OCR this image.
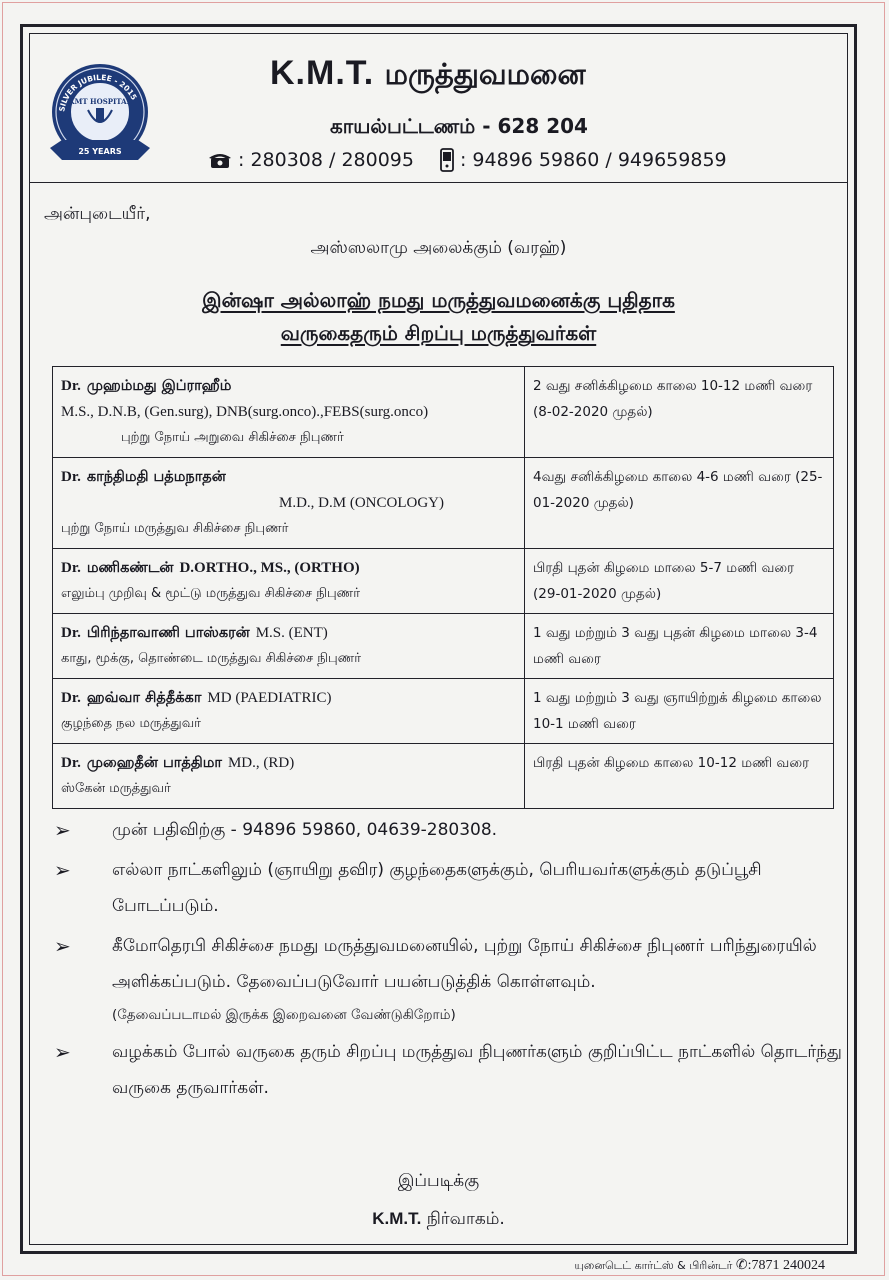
SILVER JUBILEE - 2015
KMT HOSPITAL
25 YEARS
K.M.T. மருத்துவமனை
காயல்பட்டணம் - 628 204
: 280308 / 280095 : 94896 59860 / 949659859
அன்புடையீர்,
அஸ்ஸலாமு அலைக்கும் (வரஹ்)
இன்ஷா அல்லாஹ் நமது மருத்துவமனைக்கு புதிதாக
வருகைதரும் சிறப்பு மருத்துவர்கள்
Dr. முஹம்மது இப்ராஹீம்
M.S., D.N.B, (Gen.surg), DNB(surg.onco).,FEBS(surg.onco)
புற்று நோய் அறுவை சிகிச்சை நிபுணர்	2 வது சனிக்கிழமை காலை 10-12 மணி வரை (8-02-2020 முதல்)

Dr. காந்திமதி பத்மநாதன்
M.D., D.M (ONCOLOGY)
புற்று நோய் மருத்துவ சிகிச்சை நிபுணர்	4வது சனிக்கிழமை காலை 4-6 மணி வரை (25-01-2020 முதல்)

Dr. மணிகண்டன் D.ORTHO., MS., (ORTHO)
எலும்பு முறிவு & மூட்டு மருத்துவ சிகிச்சை நிபுணர்	பிரதி புதன் கிழமை மாலை 5-7 மணி வரை (29-01-2020 முதல்)

Dr. பிரிந்தாவாணி பாஸ்கரன் M.S. (ENT)
காது, மூக்கு, தொண்டை மருத்துவ சிகிச்சை நிபுணர்	1 வது மற்றும் 3 வது புதன் கிழமை மாலை 3-4 மணி வரை

Dr. ஹவ்வா சித்தீக்கா MD (PAEDIATRIC)
குழந்தை நல மருத்துவர்	1 வது மற்றும் 3 வது ஞாயிற்றுக் கிழமை காலை 10-1 மணி வரை

Dr. முஹைதீன் பாத்திமா MD., (RD)
ஸ்கேன் மருத்துவர்	பிரதி புதன் கிழமை காலை 10-12 மணி வரை
➢ முன் பதிவிற்கு - 94896 59860, 04639-280308.
➢ எல்லா நாட்களிலும் (ஞாயிறு தவிர) குழந்தைகளுக்கும், பெரியவர்களுக்கும் தடுப்பூசி போடப்படும்.
➢ கீமோதெரபி சிகிச்சை நமது மருத்துவமனையில், புற்று நோய் சிகிச்சை நிபுணர் பரிந்துரையில் அளிக்கப்படும். தேவைப்படுவோர் பயன்படுத்திக் கொள்ளவும்.
(தேவைப்படாமல் இருக்க இறைவனை வேண்டுகிறோம்)
➢ வழக்கம் போல் வருகை தரும் சிறப்பு மருத்துவ நிபுணர்களும் குறிப்பிட்ட நாட்களில் தொடர்ந்து வருகை தருவார்கள்.
இப்படிக்கு
K.M.T. நிர்வாகம்.
யுனைடெட் கார்ட்ஸ் & பிரின்டர் ✆:7871 240024
